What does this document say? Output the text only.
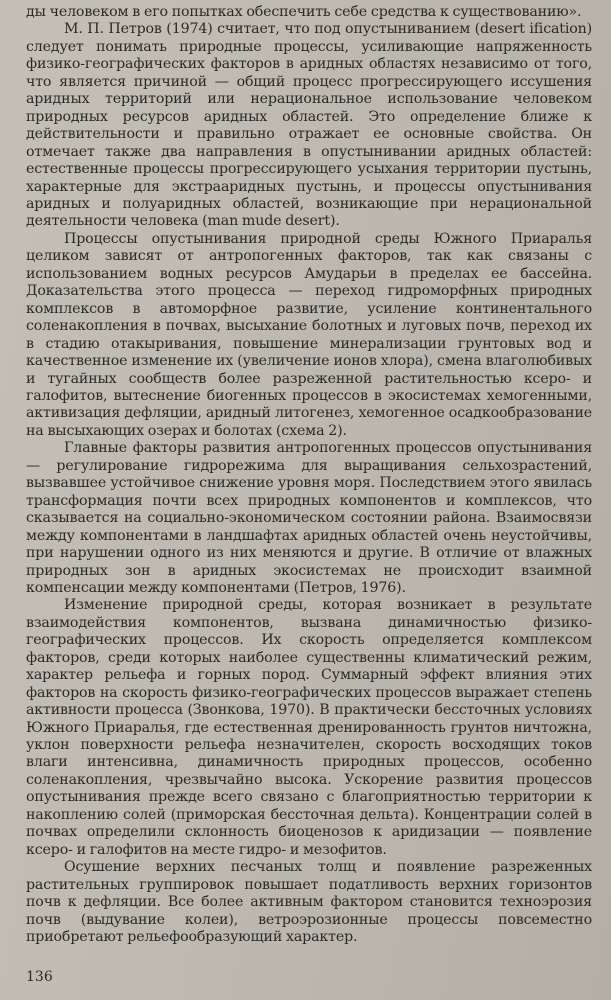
ды человеком в его попытках обеспечить себе средства к существованию».

М. П. Петров (1974) считает, что под опустыниванием (desert ification) следует понимать природные процессы, усиливающие напряженность физико-географических факторов в аридных областях независимо от того, что является причиной — общий процесс прогрессирующего иссушения аридных территорий или нерациональное использование человеком природных ресурсов аридных областей. Это определение ближе к действительности и правильно отражает ее основные свойства. Он отмечает также два направления в опустынивании аридных областей: естественные процессы прогрессирующего усыхания территории пустынь, характерные для экстрааридных пустынь, и процессы опустынивания аридных и полуаридных областей, возникающие при нерациональной деятельности человека (man mude desert).

Процессы опустынивания природной среды Южного Приаралья целиком зависят от антропогенных факторов, так как связаны с использованием водных ресурсов Амударьи в пределах ее бассейна. Доказательства этого процесса — переход гидроморфных природных комплексов в автоморфное развитие, усиление континентального соленакопления в почвах, высыхание болотных и луговых почв, переход их в стадию отакыривания, повышение минерализации грунтовых вод и качественное изменение их (увеличение ионов хлора), смена влаголюбивых и тугайных сообществ более разреженной растительностью ксеро- и галофитов, вытеснение биогенных процессов в экосистемах хемогенными, активизация дефляции, аридный литогенез, хемогенное осадкообразование на высыхающих озерах и болотах (схема 2).

Главные факторы развития антропогенных процессов опустынивания — регулирование гидрорежима для выращивания сельхозрастений, вызвавшее устойчивое снижение уровня моря. Последствием этого явилась трансформация почти всех природных компонентов и комплексов, что сказывается на социально-экономическом состоянии района. Взаимосвязи между компонентами в ландшафтах аридных областей очень неустойчивы, при нарушении одного из них меняются и другие. В отличие от влажных природных зон в аридных экосистемах не происходит взаимной компенсации между компонентами (Петров, 1976).

Изменение природной среды, которая возникает в результате взаимодействия компонентов, вызвана динамичностью физико-географических процессов. Их скорость определяется комплексом факторов, среди которых наиболее существенны климатический режим, характер рельефа и горных пород. Суммарный эффект влияния этих факторов на скорость физико-географических процессов выражает степень активности процесса (Звонкова, 1970). В практически бессточных условиях Южного Приаралья, где естественная дренированность грунтов ничтожна, уклон поверхности рельефа незначителен, скорость восходящих токов влаги интенсивна, динамичность природных процессов, особенно соленакопления, чрезвычайно высока. Ускорение развития процессов опустынивания прежде всего связано с благоприятностью территории к накоплению солей (приморская бессточная дельта). Концентрации солей в почвах определили склонность биоценозов к аридизации — появление ксеро- и галофитов на месте гидро- и мезофитов.

Осушение верхних песчаных толщ и появление разреженных растительных группировок повышает податливость верхних горизонтов почв к дефляции. Все более активным фактором становится техноэрозия почв (выдувание колеи), ветроэрозионные процессы повсеместно приобретают рельефообразующий характер.

136
